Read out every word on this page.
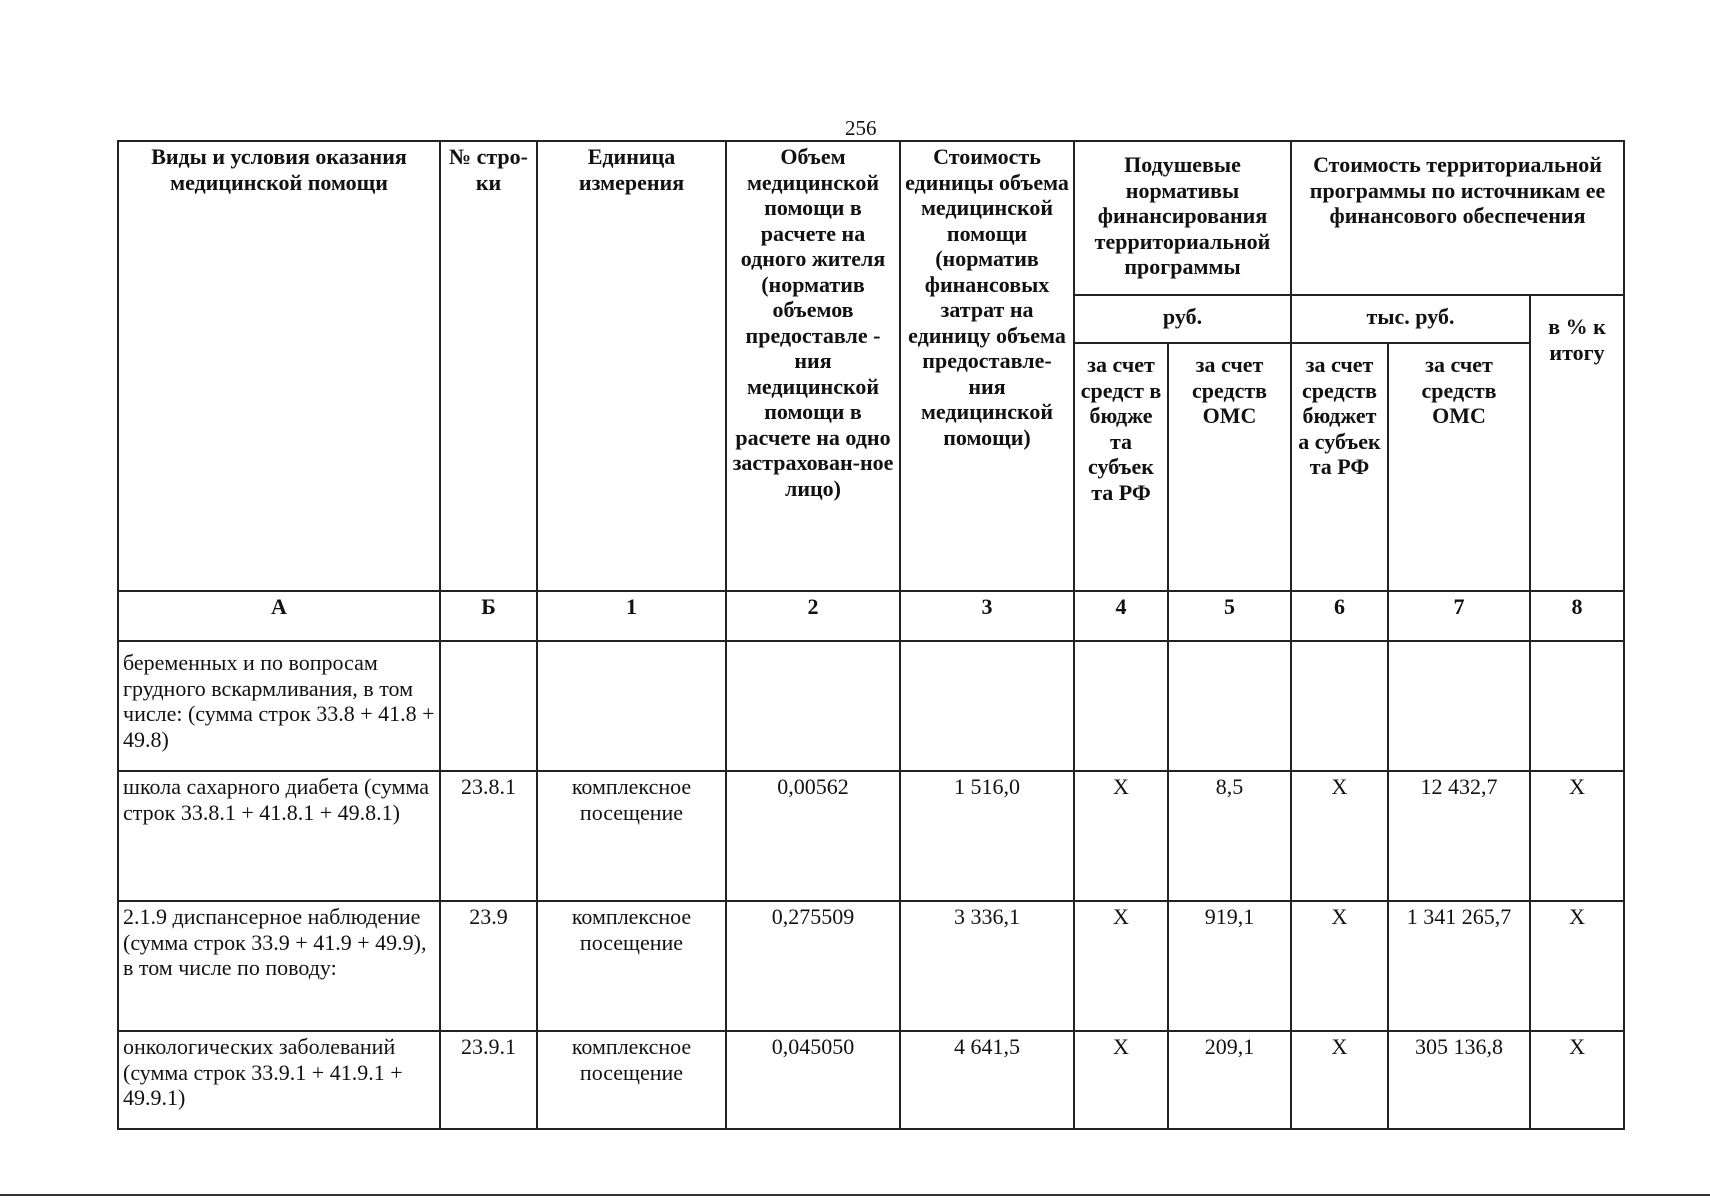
256
Виды и условия оказания медицинской помощи	№ стро-ки	Единица измерения	Объем медицинской помощи в расчете на одного жителя (норматив объемов предоставле - ния медицинской помощи в расчете на одно застрахован-ное лицо)	Стоимость единицы объема медицинской помощи (норматив финансовых затрат на единицу объема предоставле-ния медицинской помощи)	Подушевые нормативы финансирования территориальной программы		Стоимость территориальной программы по источникам ее финансового обеспечения		
					руб.		тыс. руб.		в % к итогу
					за счет средст в бюдже та субъек та РФ	за счет средств ОМС	за счет средств бюджет а субъек та РФ	за счет средств ОМС	
А	Б	1	2	3	4	5	6	7	8
беременных и по вопросам грудного вскармливания, в том числе: (сумма строк 33.8 + 41.8 + 49.8)									
школа сахарного диабета (сумма строк 33.8.1 + 41.8.1 + 49.8.1)	23.8.1	комплексное посещение	0,00562	1 516,0	X	8,5	X	12 432,7	X
2.1.9 диспансерное наблюдение (сумма строк 33.9 + 41.9 + 49.9), в том числе по поводу:	23.9	комплексное посещение	0,275509	3 336,1	X	919,1	X	1 341 265,7	X
онкологических заболеваний (сумма строк 33.9.1 + 41.9.1 + 49.9.1)	23.9.1	комплексное посещение	0,045050	4 641,5	X	209,1	X	305 136,8	X
